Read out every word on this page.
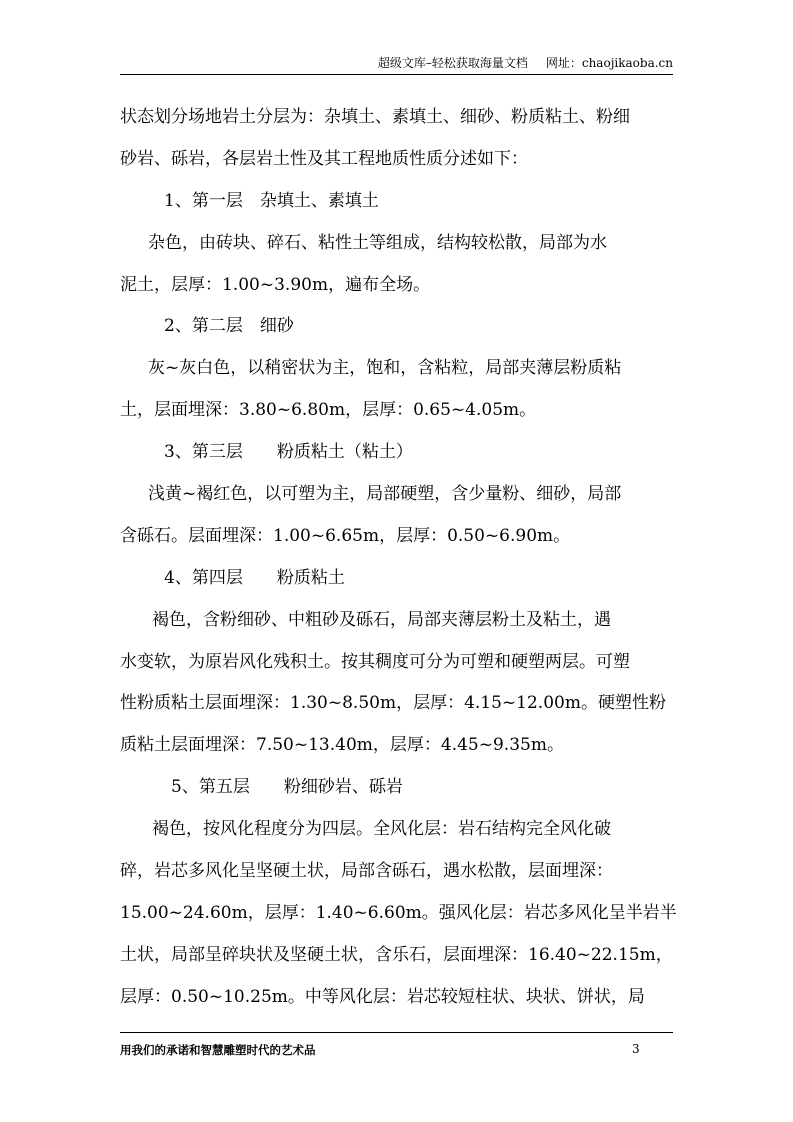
超级文库–轻松获取海量文档 网址：chaojikaoba.cn
状态划分场地岩土分层为：杂填土、素填土、细砂、粉质粘土、粉细
砂岩、砾岩，各层岩土性及其工程地质性质分述如下：
1、第一层　杂填土、素填土
杂色，由砖块、碎石、粘性土等组成，结构较松散，局部为水
泥土，层厚：1.00~3.90m，遍布全场。
2、第二层　细砂
灰~灰白色，以稍密状为主，饱和，含粘粒，局部夹薄层粉质粘
土，层面埋深：3.80~6.80m，层厚：0.65~4.05m。
3、第三层　　粉质粘土（粘土）
浅黄~褐红色，以可塑为主，局部硬塑，含少量粉、细砂，局部
含砾石。层面埋深：1.00~6.65m，层厚：0.50~6.90m。
4、第四层　　粉质粘土
褐色，含粉细砂、中粗砂及砾石，局部夹薄层粉土及粘土，遇
水变软，为原岩风化残积土。按其稠度可分为可塑和硬塑两层。可塑
性粉质粘土层面埋深：1.30~8.50m，层厚：4.15~12.00m。硬塑性粉
质粘土层面埋深：7.50~13.40m，层厚：4.45~9.35m。
5、第五层　　粉细砂岩、砾岩
褐色，按风化程度分为四层。全风化层：岩石结构完全风化破
碎，岩芯多风化呈坚硬土状，局部含砾石，遇水松散，层面埋深：
15.00~24.60m，层厚：1.40~6.60m。强风化层：岩芯多风化呈半岩半
土状，局部呈碎块状及坚硬土状，含乐石，层面埋深：16.40~22.15m，
层厚：0.50~10.25m。中等风化层：岩芯较短柱状、块状、饼状，局
用我们的承诺和智慧雕塑时代的艺术品	3
